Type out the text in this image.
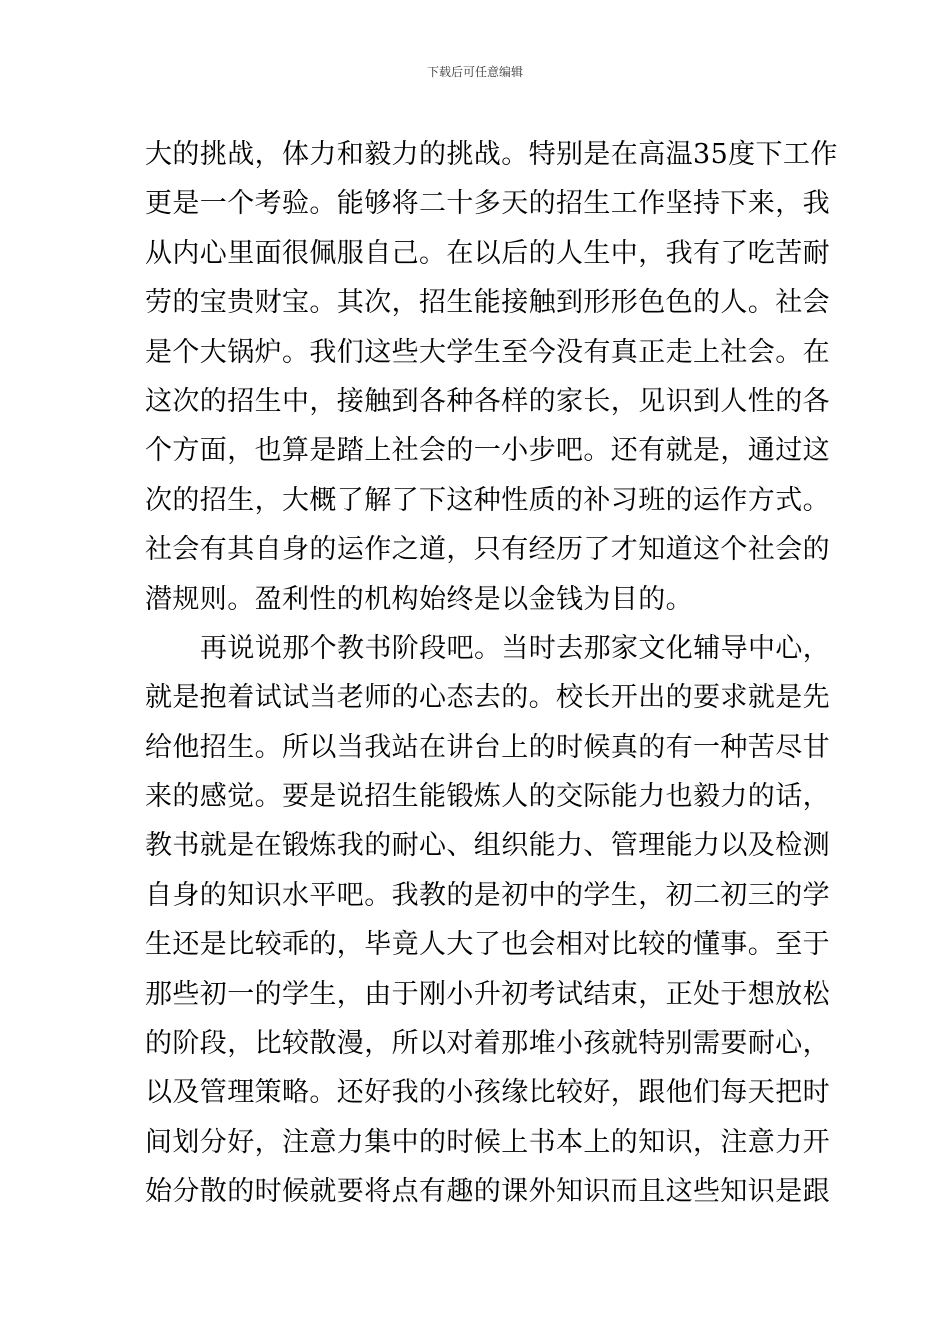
下载后可任意编辑
大的挑战，体力和毅力的挑战。特别是在高温35度下工作
更是一个考验。能够将二十多天的招生工作坚持下来，我
从内心里面很佩服自己。在以后的人生中，我有了吃苦耐
劳的宝贵财宝。其次，招生能接触到形形色色的人。社会
是个大锅炉。我们这些大学生至今没有真正走上社会。在
这次的招生中，接触到各种各样的家长，见识到人性的各
个方面，也算是踏上社会的一小步吧。还有就是，通过这
次的招生，大概了解了下这种性质的补习班的运作方式。
社会有其自身的运作之道，只有经历了才知道这个社会的
潜规则。盈利性的机构始终是以金钱为目的。
再说说那个教书阶段吧。当时去那家文化辅导中心，
就是抱着试试当老师的心态去的。校长开出的要求就是先
给他招生。所以当我站在讲台上的时候真的有一种苦尽甘
来的感觉。要是说招生能锻炼人的交际能力也毅力的话，
教书就是在锻炼我的耐心、组织能力、管理能力以及检测
自身的知识水平吧。我教的是初中的学生，初二初三的学
生还是比较乖的，毕竟人大了也会相对比较的懂事。至于
那些初一的学生，由于刚小升初考试结束，正处于想放松
的阶段，比较散漫，所以对着那堆小孩就特别需要耐心，
以及管理策略。还好我的小孩缘比较好，跟他们每天把时
间划分好，注意力集中的时候上书本上的知识，注意力开
始分散的时候就要将点有趣的课外知识而且这些知识是跟
